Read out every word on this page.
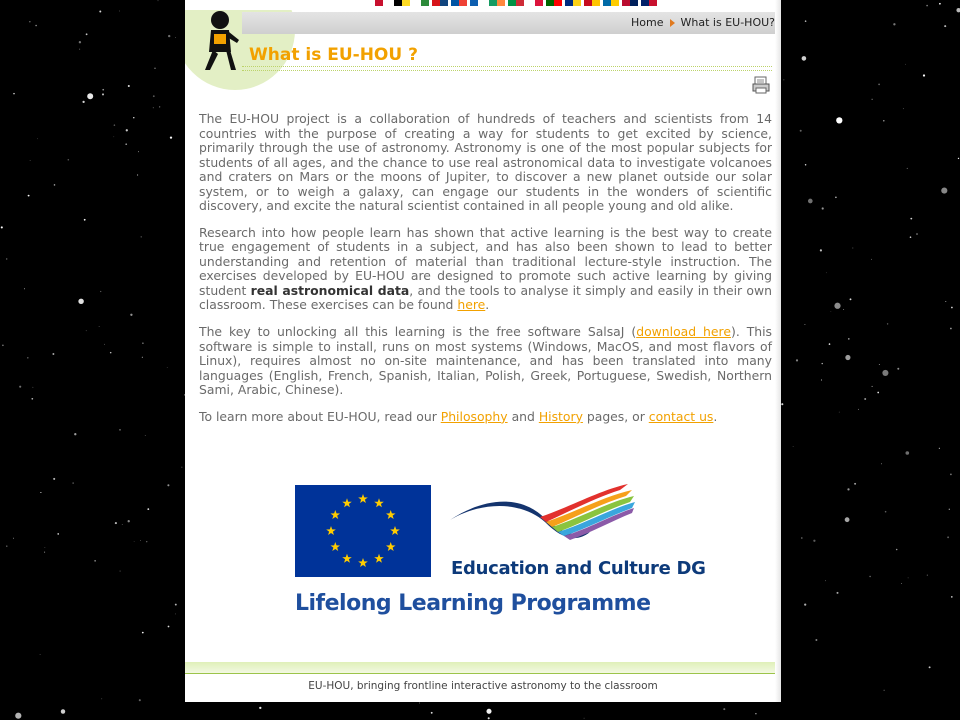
Home What is EU-HOU?
What is EU-HOU ?

The EU-HOU project is a collaboration of hundreds of teachers and scientists from 14 countries with the purpose of creating a way for students to get excited by science, primarily through the use of astronomy. Astronomy is one of the most popular subjects for students of all ages, and the chance to use real astronomical data to investigate volcanoes and craters on Mars or the moons of Jupiter, to discover a new planet outside our solar system, or to weigh a galaxy, can engage our students in the wonders of scientific discovery, and excite the natural scientist contained in all people young and old alike.

Research into how people learn has shown that active learning is the best way to create true engagement of students in a subject, and has also been shown to lead to better understanding and retention of material than traditional lecture-style instruction. The exercises developed by EU-HOU are designed to promote such active learning by giving student real astronomical data, and the tools to analyse it simply and easily in their own classroom. These exercises can be found here.

The key to unlocking all this learning is the free software SalsaJ (download here). This software is simple to install, runs on most systems (Windows, MacOS, and most flavors of Linux), requires almost no on-site maintenance, and has been translated into many languages (English, French, Spanish, Italian, Polish, Greek, Portuguese, Swedish, Northern Sami, Arabic, Chinese).

To learn more about EU-HOU, read our Philosophy and History pages, or contact us.

Education and Culture DG
Lifelong Learning Programme
EU-HOU, bringing frontline interactive astronomy to the classroom
